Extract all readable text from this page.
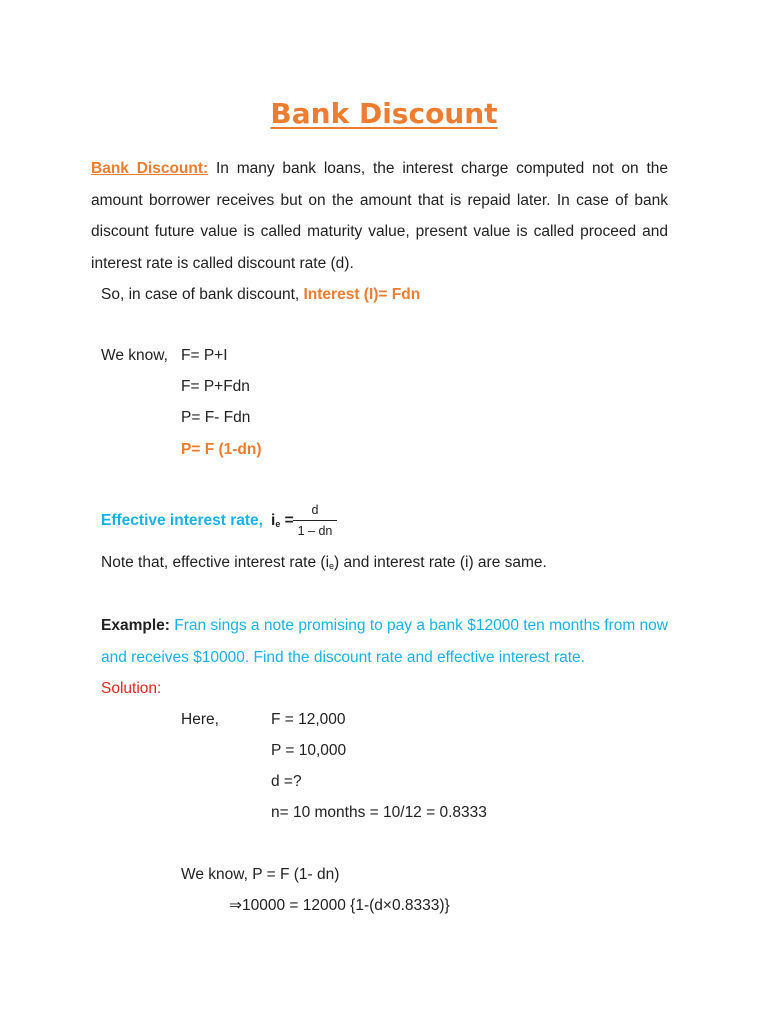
Bank Discount
Bank Discount: In many bank loans, the interest charge computed not on the amount borrower receives but on the amount that is repaid later. In case of bank discount future value is called maturity value, present value is called proceed and interest rate is called discount rate (d).
So, in case of bank discount, Interest (I)= Fdn
We know, F= P+I
F= P+Fdn
P= F- Fdn
P= F (1-dn)
Effective interest rate, $i_e = \frac{d}{1 - dn}$
Note that, effective interest rate $(i_e)$ and interest rate (i) are same.
Example: Fran sings a note promising to pay a bank $12000 ten months from now and receives $10000. Find the discount rate and effective interest rate.
Solution:
Here,	F = 12,000
P = 10,000
d =?
n= 10 months = 10/12 = 0.8333
We know, P = F (1- dn)
⇒10000 = 12000 {1-(d×0.8333)}
